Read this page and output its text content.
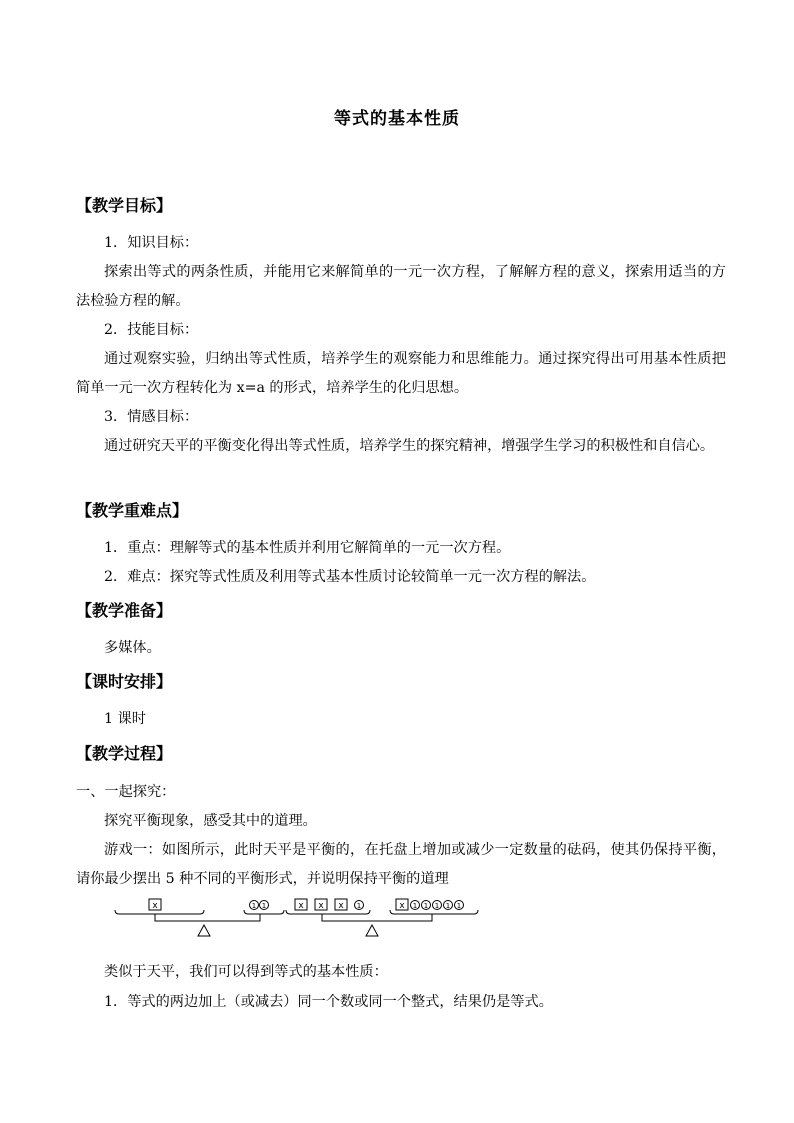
等式的基本性质
【教学目标】
1．知识目标：
探索出等式的两条性质，并能用它来解简单的一元一次方程，了解解方程的意义，探索用适当的方法检验方程的解。
2．技能目标：
通过观察实验，归纳出等式性质，培养学生的观察能力和思维能力。通过探究得出可用基本性质把简单一元一次方程转化为 x=a 的形式，培养学生的化归思想。
3．情感目标：
通过研究天平的平衡变化得出等式性质，培养学生的探究精神，增强学生学习的积极性和自信心。
【教学重难点】
1．重点：理解等式的基本性质并利用它解简单的一元一次方程。
2．难点：探究等式性质及利用等式基本性质讨论较简单一元一次方程的解法。
【教学准备】
多媒体。
【课时安排】
1 课时
【教学过程】
一、一起探究：
探究平衡现象，感受其中的道理。
游戏一：如图所示，此时天平是平衡的，在托盘上增加或减少一定数量的砝码，使其仍保持平衡，请你最少摆出 5 种不同的平衡形式，并说明保持平衡的道理
x	1 1	x x x 1	x 1 1 1 1 1
类似于天平，我们可以得到等式的基本性质：
1．等式的两边加上（或减去）同一个数或同一个整式，结果仍是等式。
